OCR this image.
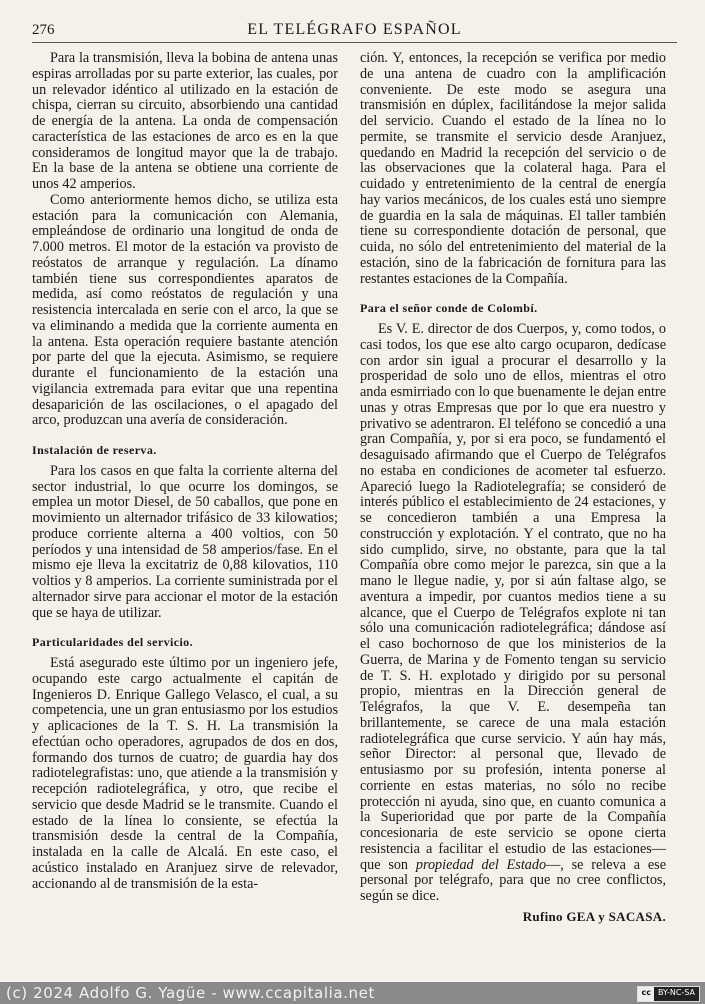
276	EL TELÉGRAFO ESPAÑOL

Para la transmisión, lleva la bobina de antena unas espiras arrolladas por su parte exterior, las cuales, por un relevador idéntico al utilizado en la estación de chispa, cierran su circuito, absorbiendo una cantidad de energía de la antena. La onda de compensación característica de las estaciones de arco es en la que consideramos de longitud mayor que la de trabajo. En la base de la antena se obtiene una corriente de unos 42 amperios.

Como anteriormente hemos dicho, se utiliza esta estación para la comunicación con Alemania, empleándose de ordinario una longitud de onda de 7.000 metros. El motor de la estación va provisto de reóstatos de arranque y regulación. La dínamo también tiene sus correspondientes aparatos de medida, así como reóstatos de regulación y una resistencia intercalada en serie con el arco, la que se va eliminando a medida que la corriente aumenta en la antena. Esta operación requiere bastante atención por parte del que la ejecuta. Asimismo, se requiere durante el funcionamiento de la estación una vigilancia extremada para evitar que una repentina desaparición de las oscilaciones, o el apagado del arco, produzcan una avería de consideración.

Instalación de reserva.

Para los casos en que falta la corriente alterna del sector industrial, lo que ocurre los domingos, se emplea un motor Diesel, de 50 caballos, que pone en movimiento un alternador trifásico de 33 kilowatios; produce corriente alterna a 400 voltios, con 50 períodos y una intensidad de 58 amperios/fase. En el mismo eje lleva la excitatriz de 0,88 kilovatios, 110 voltios y 8 amperios. La corriente suministrada por el alternador sirve para accionar el motor de la estación que se haya de utilizar.

Particularidades del servicio.

Está asegurado este último por un ingeniero jefe, ocupando este cargo actualmente el capitán de Ingenieros D. Enrique Gallego Velasco, el cual, a su competencia, une un gran entusiasmo por los estudios y aplicaciones de la T. S. H. La transmisión la efectúan ocho operadores, agrupados de dos en dos, formando dos turnos de cuatro; de guardia hay dos radiotelegrafistas: uno, que atiende a la transmisión y recepción radiotelegráfica, y otro, que recibe el servicio que desde Madrid se le transmite. Cuando el estado de la línea lo consiente, se efectúa la transmisión desde la central de la Compañía, instalada en la calle de Alcalá. En este caso, el acústico instalado en Aranjuez sirve de relevador, accionando al de transmisión de la esta-

ción. Y, entonces, la recepción se verifica por medio de una antena de cuadro con la amplificación conveniente. De este modo se asegura una transmisión en dúplex, facilitándose la mejor salida del servicio. Cuando el estado de la línea no lo permite, se transmite el servicio desde Aranjuez, quedando en Madrid la recepción del servicio o de las observaciones que la colateral haga. Para el cuidado y entretenimiento de la central de energía hay varios mecánicos, de los cuales está uno siempre de guardia en la sala de máquinas. El taller también tiene su correspondiente dotación de personal, que cuida, no sólo del entretenimiento del material de la estación, sino de la fabricación de fornitura para las restantes estaciones de la Compañía.

Para el señor conde de Colombí.

Es V. E. director de dos Cuerpos, y, como todos, o casi todos, los que ese alto cargo ocuparon, dedícase con ardor sin igual a procurar el desarrollo y la prosperidad de solo uno de ellos, mientras el otro anda esmirriado con lo que buenamente le dejan entre unas y otras Empresas que por lo que era nuestro y privativo se adentraron. El teléfono se concedió a una gran Compañía, y, por si era poco, se fundamentó el desaguisado afirmando que el Cuerpo de Telégrafos no estaba en condiciones de acometer tal esfuerzo. Apareció luego la Radiotelegrafía; se consideró de interés público el establecimiento de 24 estaciones, y se concedieron también a una Empresa la construcción y explotación. Y el contrato, que no ha sido cumplido, sirve, no obstante, para que la tal Compañía obre como mejor le parezca, sin que a la mano le llegue nadie, y, por si aún faltase algo, se aventura a impedir, por cuantos medios tiene a su alcance, que el Cuerpo de Telégrafos explote ni tan sólo una comunicación radiotelegráfica; dándose así el caso bochornoso de que los ministerios de la Guerra, de Marina y de Fomento tengan su servicio de T. S. H. explotado y dirigido por su personal propio, mientras en la Dirección general de Telégrafos, la que V. E. desempeña tan brillantemente, se carece de una mala estación radiotelegráfica que curse servicio. Y aún hay más, señor Director: al personal que, llevado de entusiasmo por su profesión, intenta ponerse al corriente en estas materias, no sólo no recibe protección ni ayuda, sino que, en cuanto comunica a la Superioridad que por parte de la Compañía concesionaria de este servicio se opone cierta resistencia a facilitar el estudio de las estaciones—que son propiedad del Estado—, se releva a ese personal por telégrafo, para que no cree conflictos, según se dice.

Rufino GEA y SACASA.
(c) 2024 Adolfo G. Yagüe - www.ccapitalia.net	cc BY-NC-SA
